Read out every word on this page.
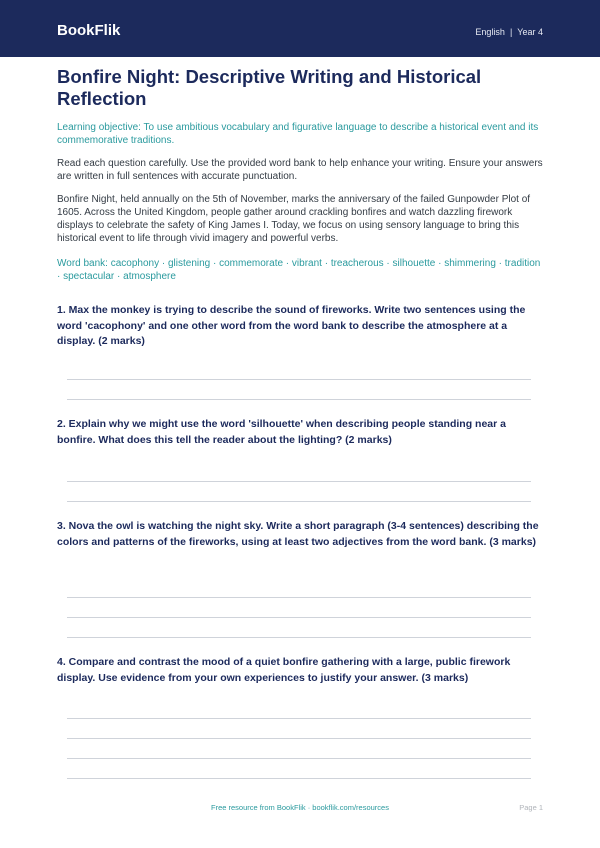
BookFlik	English | Year 4
Bonfire Night: Descriptive Writing and Historical Reflection

Learning objective: To use ambitious vocabulary and figurative language to describe a historical event and its commemorative traditions.

Read each question carefully. Use the provided word bank to help enhance your writing. Ensure your answers are written in full sentences with accurate punctuation.

Bonfire Night, held annually on the 5th of November, marks the anniversary of the failed Gunpowder Plot of 1605. Across the United Kingdom, people gather around crackling bonfires and watch dazzling firework displays to celebrate the safety of King James I. Today, we focus on using sensory language to bring this historical event to life through vivid imagery and powerful verbs.

Word bank: cacophony · glistening · commemorate · vibrant · treacherous · silhouette · shimmering · tradition · spectacular · atmosphere

1. Max the monkey is trying to describe the sound of fireworks. Write two sentences using the word 'cacophony' and one other word from the word bank to describe the atmosphere at a display. (2 marks)

2. Explain why we might use the word 'silhouette' when describing people standing near a bonfire. What does this tell the reader about the lighting? (2 marks)

3. Nova the owl is watching the night sky. Write a short paragraph (3-4 sentences) describing the colors and patterns of the fireworks, using at least two adjectives from the word bank. (3 marks)

4. Compare and contrast the mood of a quiet bonfire gathering with a large, public firework display. Use evidence from your own experiences to justify your answer. (3 marks)

Free resource from BookFlik · bookflik.com/resources	Page 1
